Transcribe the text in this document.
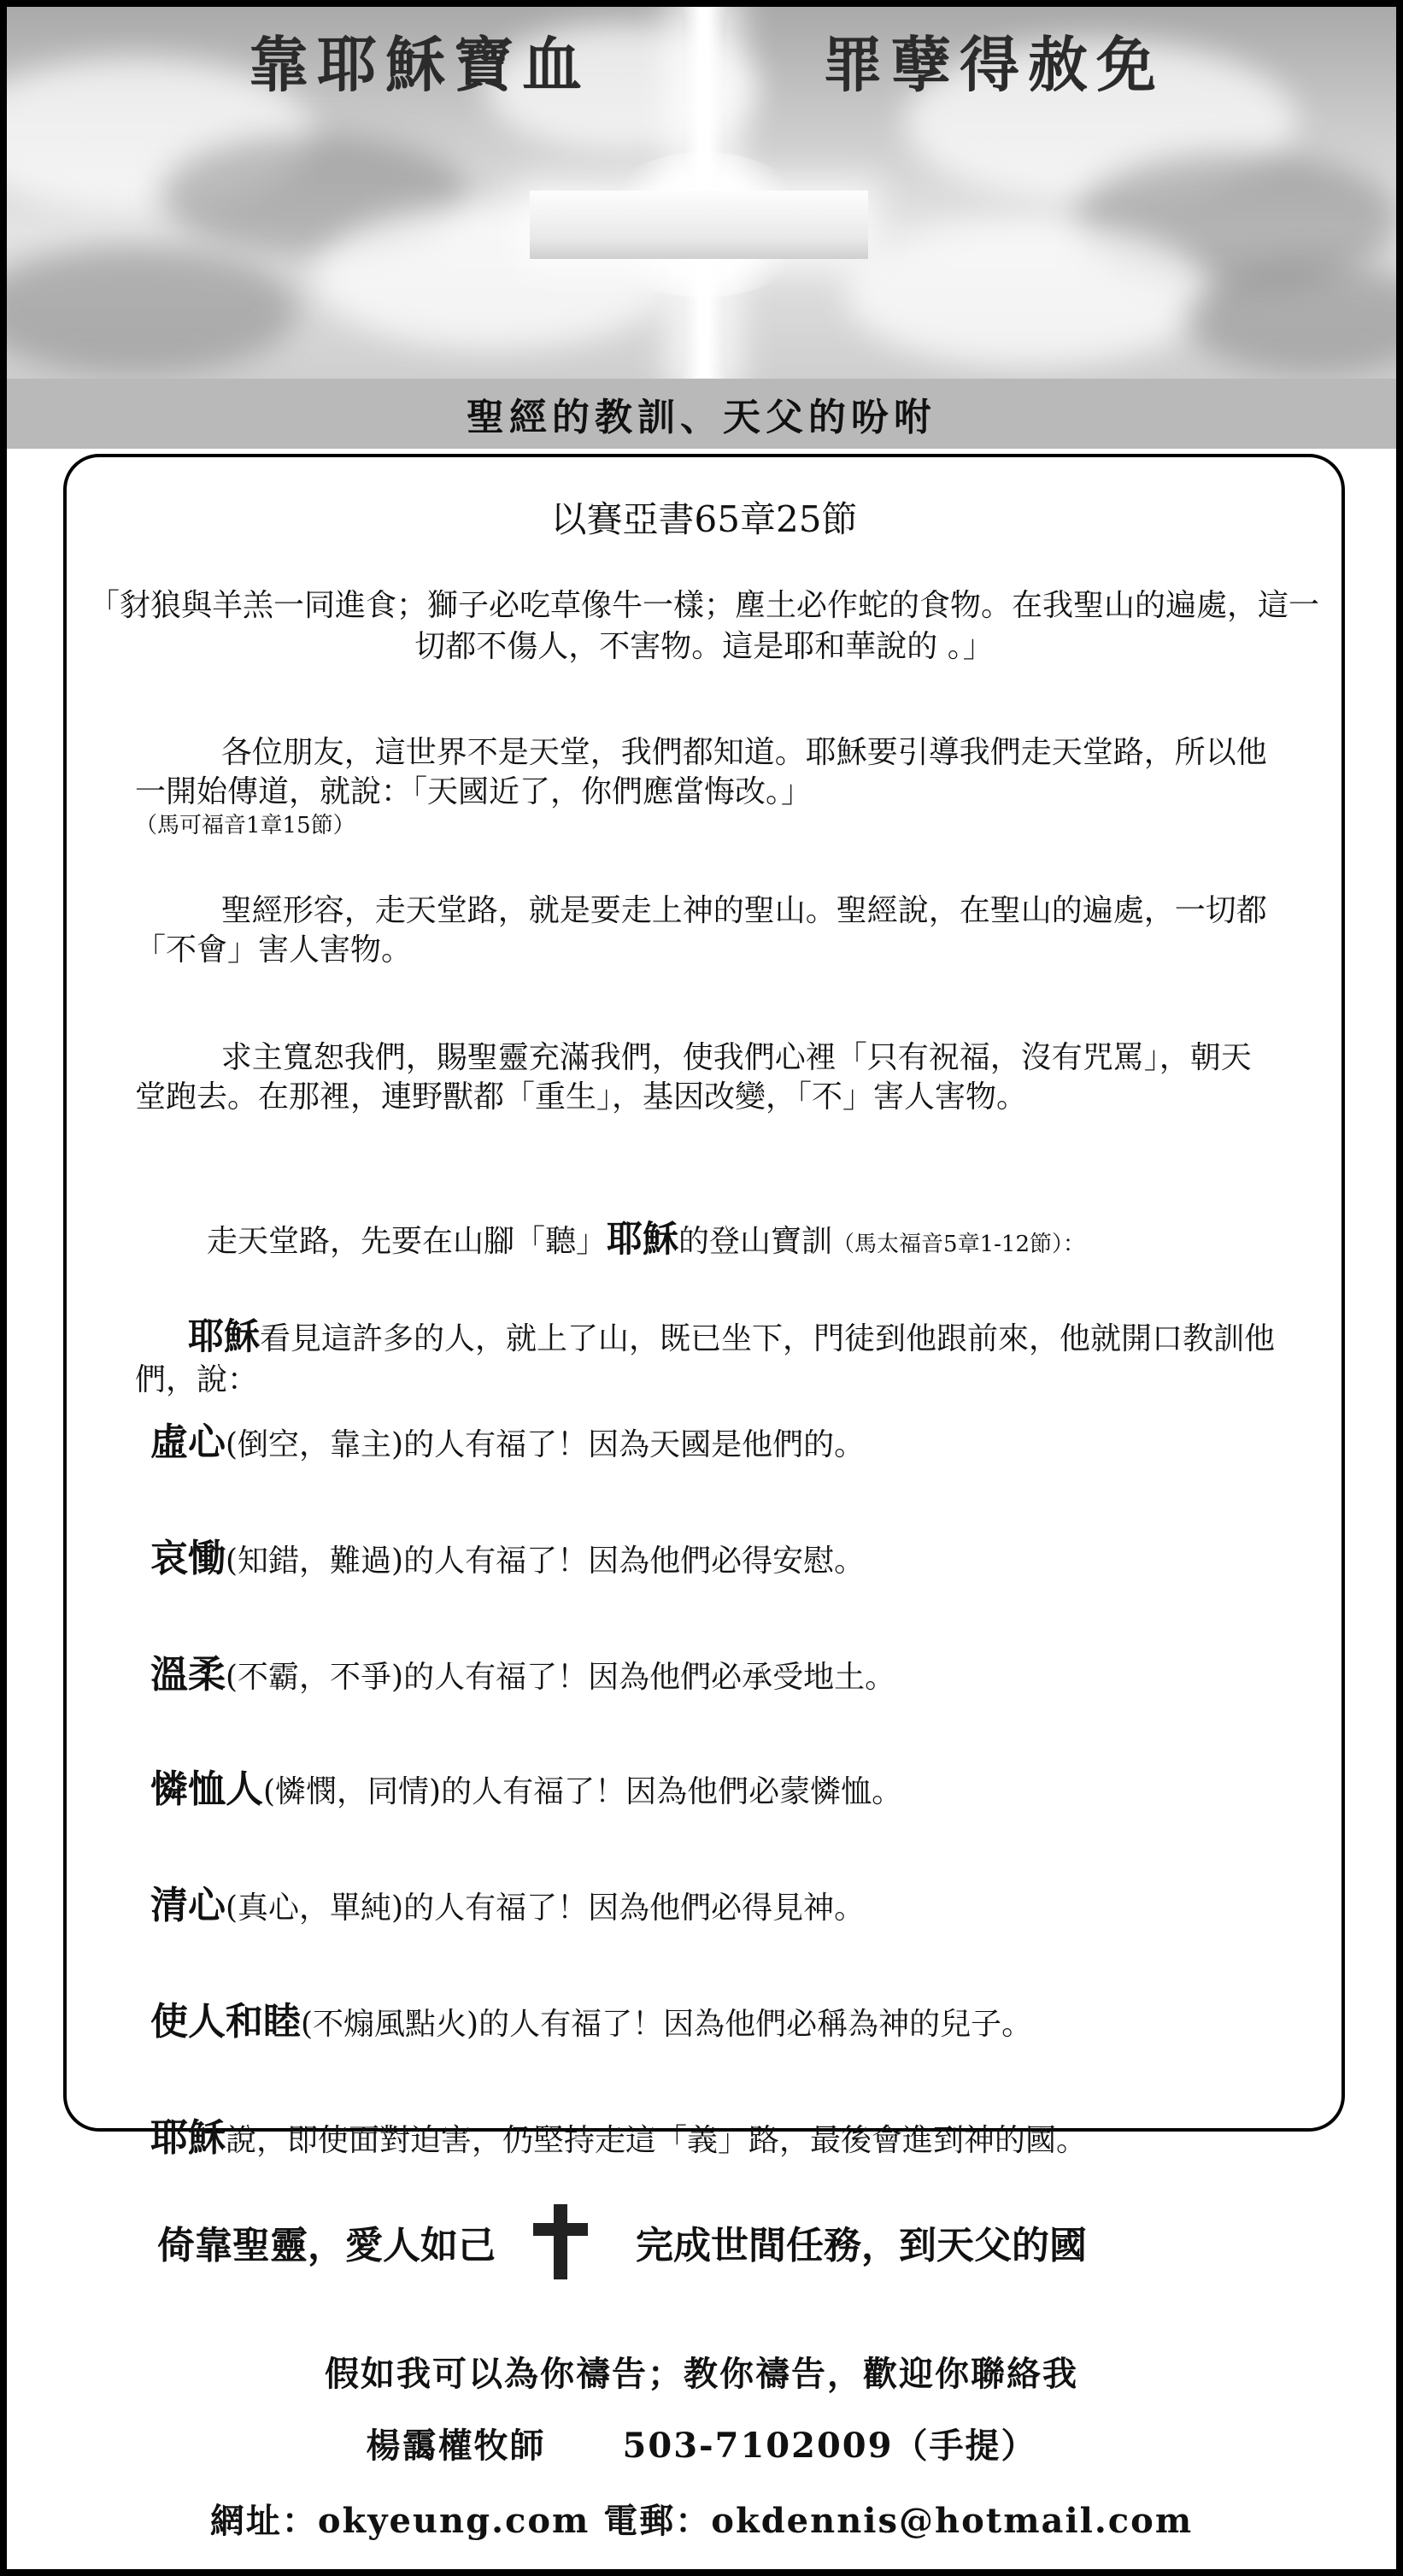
靠耶穌寶血	罪孽得赦免
聖經的教訓、天父的吩咐
以賽亞書65章25節
「豺狼與羊羔一同進食；獅子必吃草像牛一樣；塵土必作蛇的食物。在我聖山的遍處，這一切都不傷人，不害物。這是耶和華說的 。」
各位朋友，這世界不是天堂，我們都知道。耶穌要引導我們走天堂路，所以他一開始傳道，就說：「天國近了，你們應當悔改。」
（馬可福音1章15節）
聖經形容，走天堂路，就是要走上神的聖山。聖經說，在聖山的遍處，一切都「不會」害人害物。
求主寬恕我們，賜聖靈充滿我們，使我們心裡「只有祝福，沒有咒罵」，朝天堂跑去。在那裡，連野獸都「重生」，基因改變，「不」害人害物。
走天堂路，先要在山腳「聽」耶穌的登山寶訓（馬太福音5章1-12節）：
耶穌看見這許多的人，就上了山，既已坐下，門徒到他跟前來，他就開口教訓他們，說：
虛心(倒空，靠主)的人有福了！因為天國是他們的。
哀慟(知錯，難過)的人有福了！因為他們必得安慰。
溫柔(不霸，不爭)的人有福了！因為他們必承受地土。
憐恤人(憐憫，同情)的人有福了！因為他們必蒙憐恤。
清心(真心，單純)的人有福了！因為他們必得見神。
使人和睦(不煽風點火)的人有福了！因為他們必稱為神的兒子。
耶穌說，即使面對迫害，仍堅持走這「義」路，最後會進到神的國。
倚靠聖靈，愛人如己	完成世間任務，到天父的國
假如我可以為你禱告；教你禱告，歡迎你聯絡我
楊靄權牧師 503-7102009（手提）
網址：okyeung.com 電郵：okdennis@hotmail.com
